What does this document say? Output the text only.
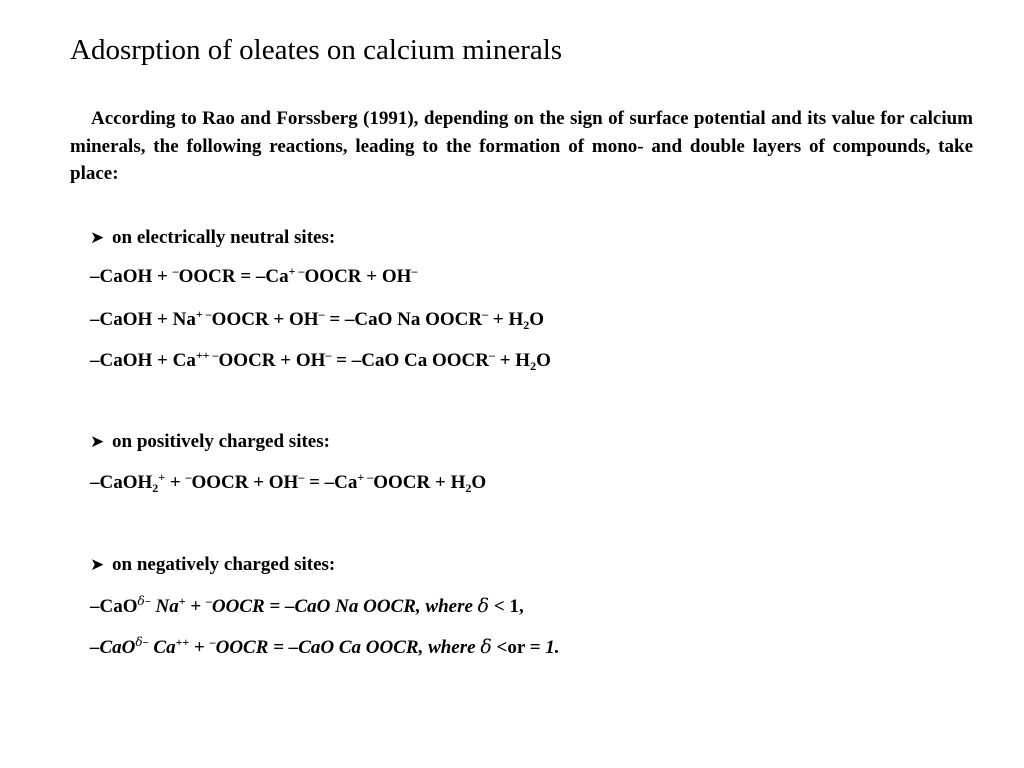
Adosrption of oleates on calcium minerals
According to Rao and Forssberg (1991), depending on the sign of surface potential and its value for calcium minerals, the following reactions, leading to the formation of mono- and double layers of compounds, take place:
➤ on electrically neutral sites:
–CaOH + –OOCR = –Ca+ –OOCR + OH–
–CaOH + Na+ –OOCR + OH– = –CaO Na OOCR– + $H_2O$
–CaOH + Ca++ –OOCR + OH– = –CaO Ca OOCR– + $H_2O$
➤ on positively charged sites:
–CaOH$_2$+ + –OOCR + OH– = –Ca+ –OOCR + $H_2O$
➤ on negatively charged sites:
–CaO$^{\delta-}$ Na+ + –OOCR = –CaO Na OOCR, where δ < 1,
–CaO$^{\delta-}$ Ca++ + –OOCR = –CaO Ca OOCR, where δ <or = 1.
